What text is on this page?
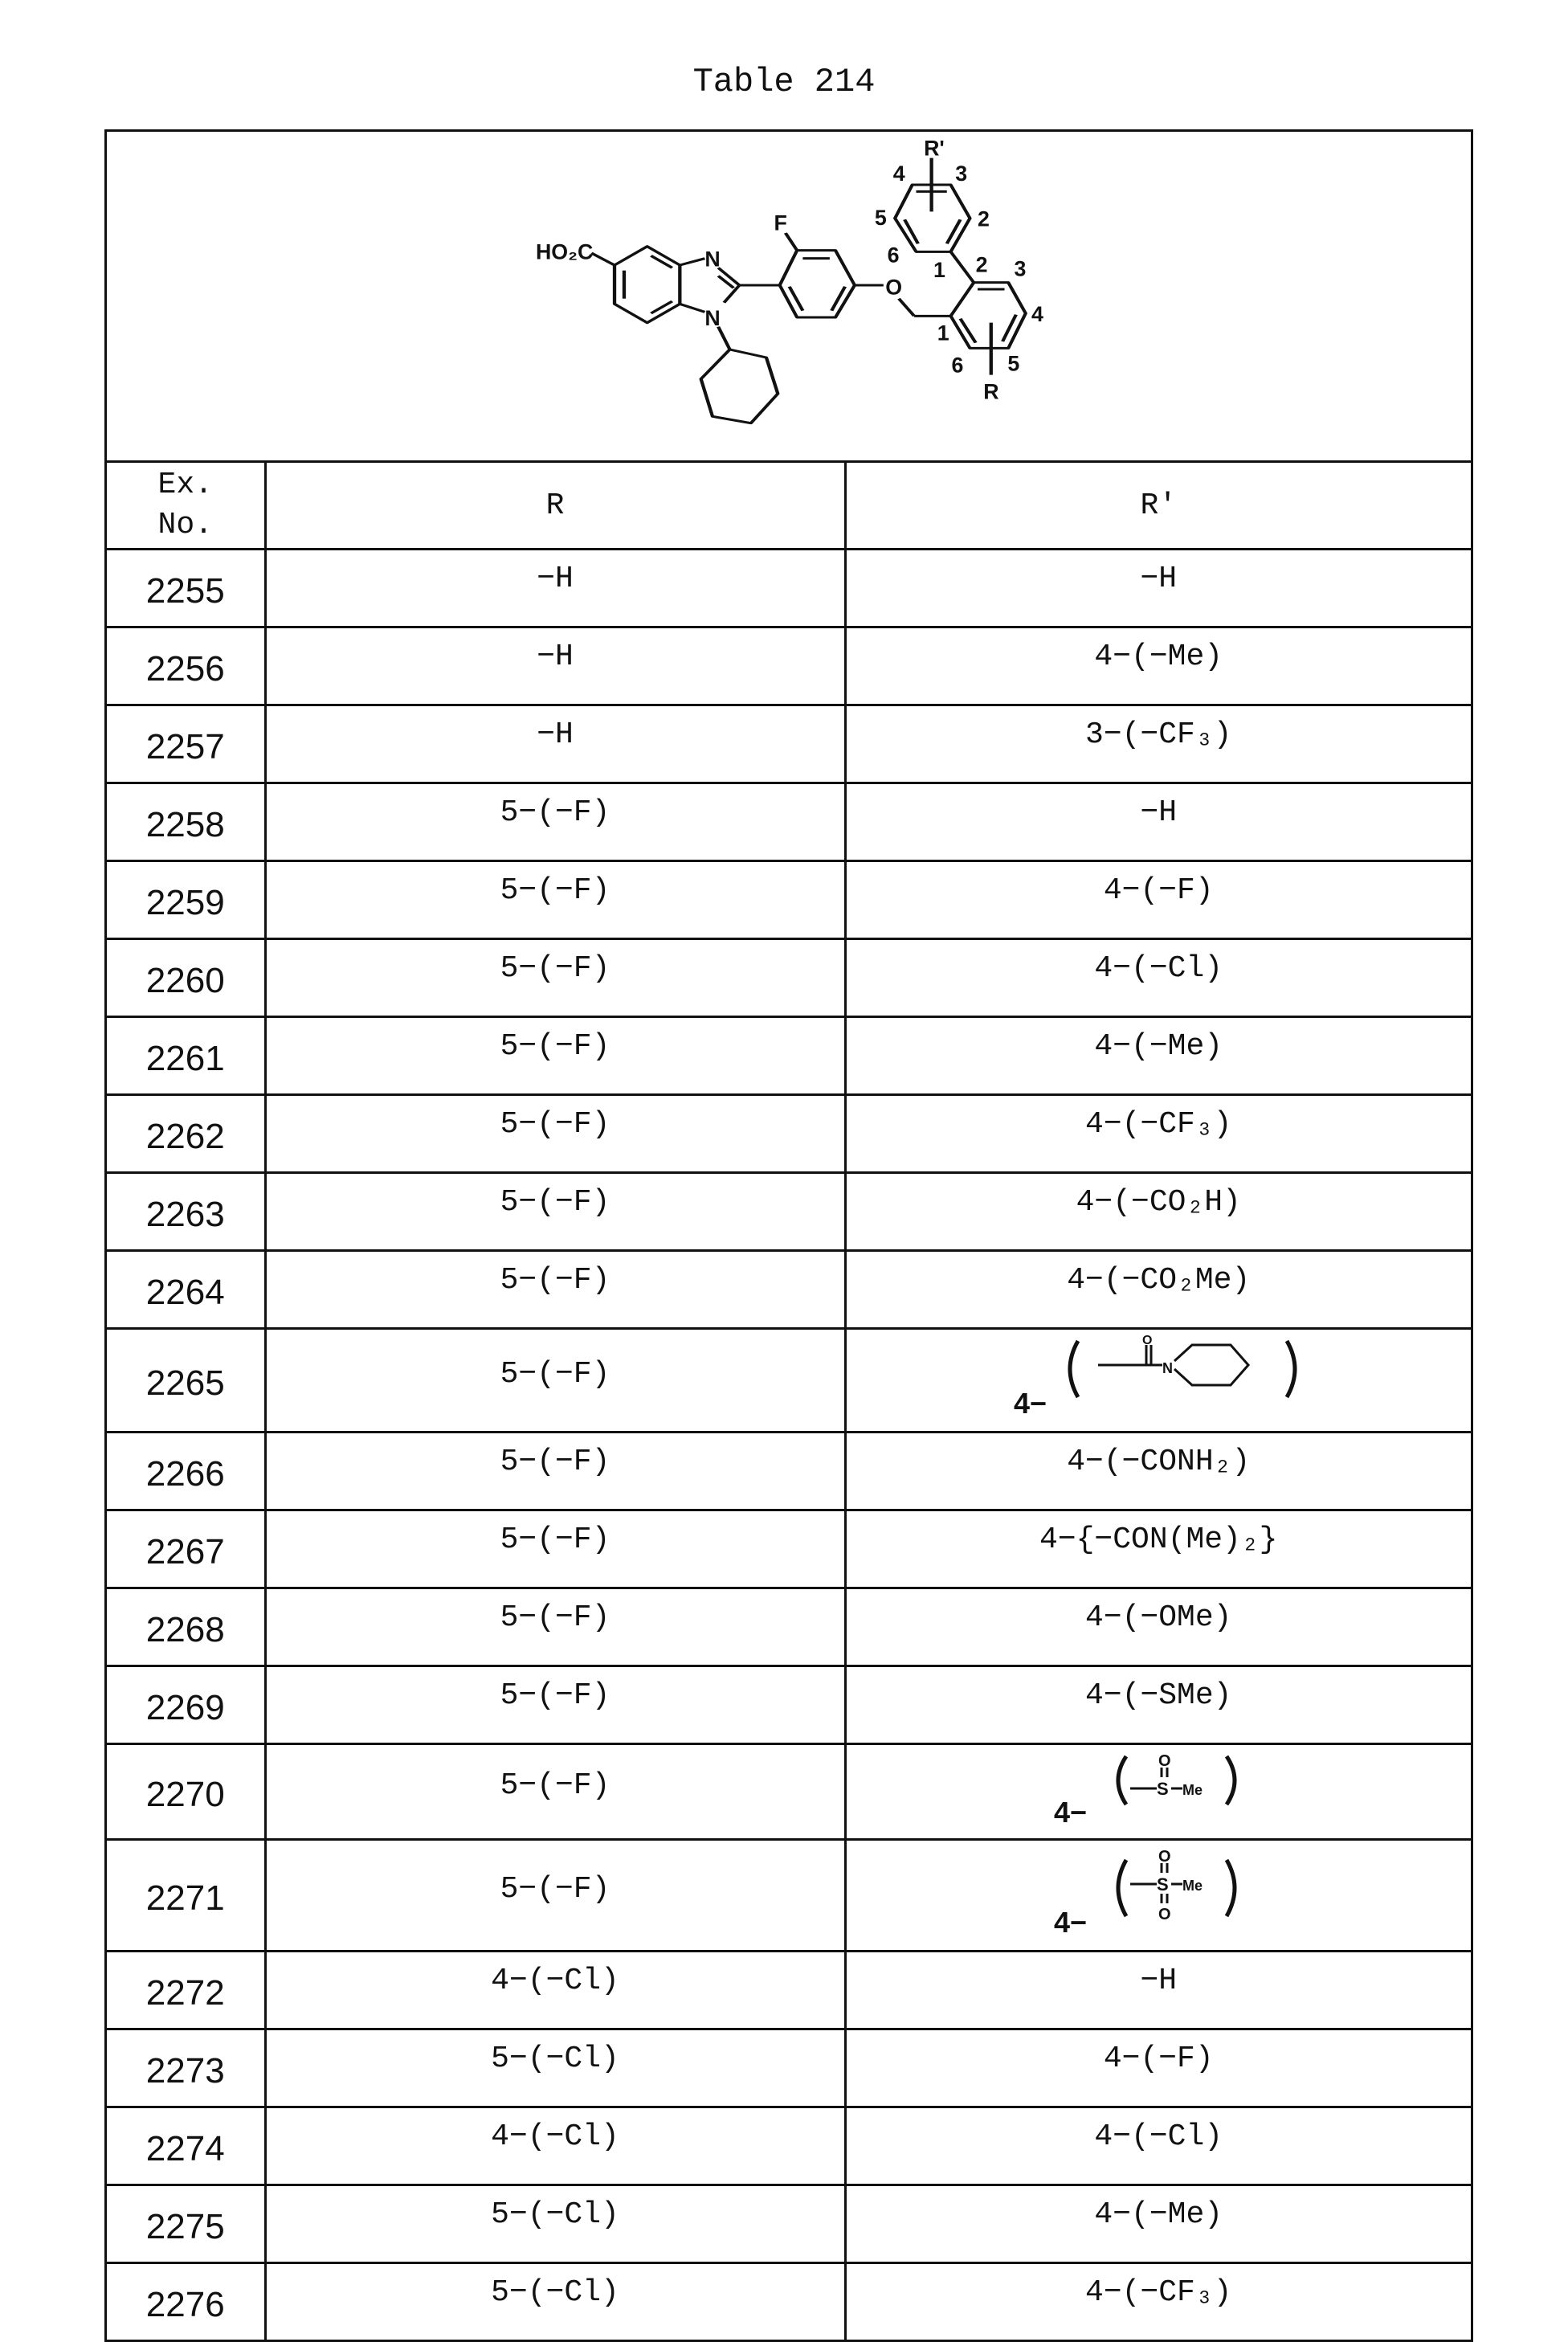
Table 214
HO₂C N
N
F
O
R'
R
4 3
5 2
6
1 2 3
4
1
6 5
Ex.
No.
	R	R'
2255	−H	−H
2256	−H	4−(−Me)
2257	−H	3−(−CF₃)
2258	5−(−F)	−H
2259	5−(−F)	4−(−F)
2260	5−(−F)	4−(−Cl)
2261	5−(−F)	4−(−Me)
2262	5−(−F)	4−(−CF₃)
2263	5−(−F)	4−(−CO₂H)
2264	5−(−F)	4−(−CO₂Me)
2265	5−(−F)	
4−
O
N

2266	5−(−F)	4−(−CONH₂)
2267	5−(−F)	4−{−CON(Me)₂}
2268	5−(−F)	4−(−OMe)
2269	5−(−F)	4−(−SMe)
2270	5−(−F)	
4−
O
S Me

2271	5−(−F)	
4−
O
S Me
O

2272	4−(−Cl)	−H
2273	5−(−Cl)	4−(−F)
2274	4−(−Cl)	4−(−Cl)
2275	5−(−Cl)	4−(−Me)
2276	5−(−Cl)	4−(−CF₃)
